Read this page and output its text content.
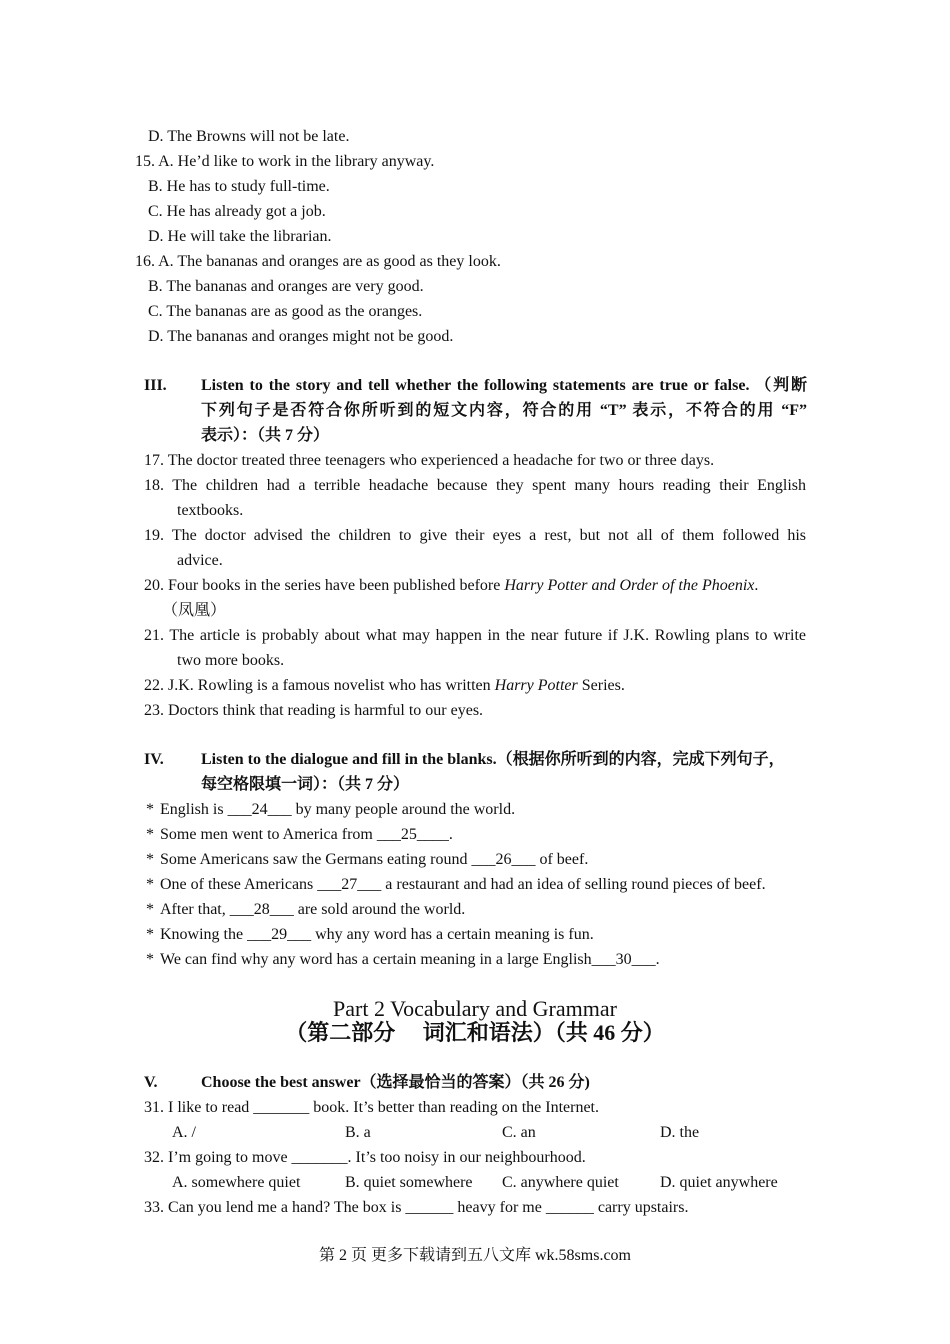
D. The Browns will not be late.
15. A. He’d like to work in the library anyway.
B. He has to study full-time.
C. He has already got a job.
D. He will take the librarian.
16. A. The bananas and oranges are as good as they look.
B. The bananas and oranges are very good.
C. The bananas are as good as the oranges.
D. The bananas and oranges might not be good.
III. Listen to the story and tell whether the following statements are true or false. （判断
下列句子是否符合你所听到的短文内容，符合的用 “T” 表示，不符合的用 “F”
表示）：（共 7 分）
17. The doctor treated three teenagers who experienced a headache for two or three days.
18. The children had a terrible headache because they spent many hours reading their English
textbooks.
19. The doctor advised the children to give their eyes a rest, but not all of them followed his
advice.
20. Four books in the series have been published before Harry Potter and Order of the Phoenix.
（凤凰）
21. The article is probably about what may happen in the near future if J.K. Rowling plans to write
two more books.
22. J.K. Rowling is a famous novelist who has written Harry Potter Series.
23. Doctors think that reading is harmful to our eyes.
IV. Listen to the dialogue and fill in the blanks.（根据你所听到的内容，完成下列句子，
每空格限填一词）：（共 7 分）
* English is ___24___ by many people around the world.
* Some men went to America from ___25____.
* Some Americans saw the Germans eating round ___26___ of beef.
* One of these Americans ___27___ a restaurant and had an idea of selling round pieces of beef.
* After that, ___28___ are sold around the world.
* Knowing the ___29___ why any word has a certain meaning is fun.
* We can find why any word has a certain meaning in a large English___30___.
Part 2 Vocabulary and Grammar
（第二部分　 词汇和语法）（共 46 分）
V.	Choose the best answer（选择最恰当的答案）（共 26 分)
31. I like to read _______ book. It’s better than reading on the Internet.
A. /	B. a	C. an	D. the
32. I’m going to move _______. It’s too noisy in our neighbourhood.
A. somewhere quiet	B. quiet somewhere C. anywhere quiet	D. quiet anywhere
33. Can you lend me a hand? The box is ______ heavy for me ______ carry upstairs.
第 2 页 更多下载请到五八文库 wk.58sms.com
